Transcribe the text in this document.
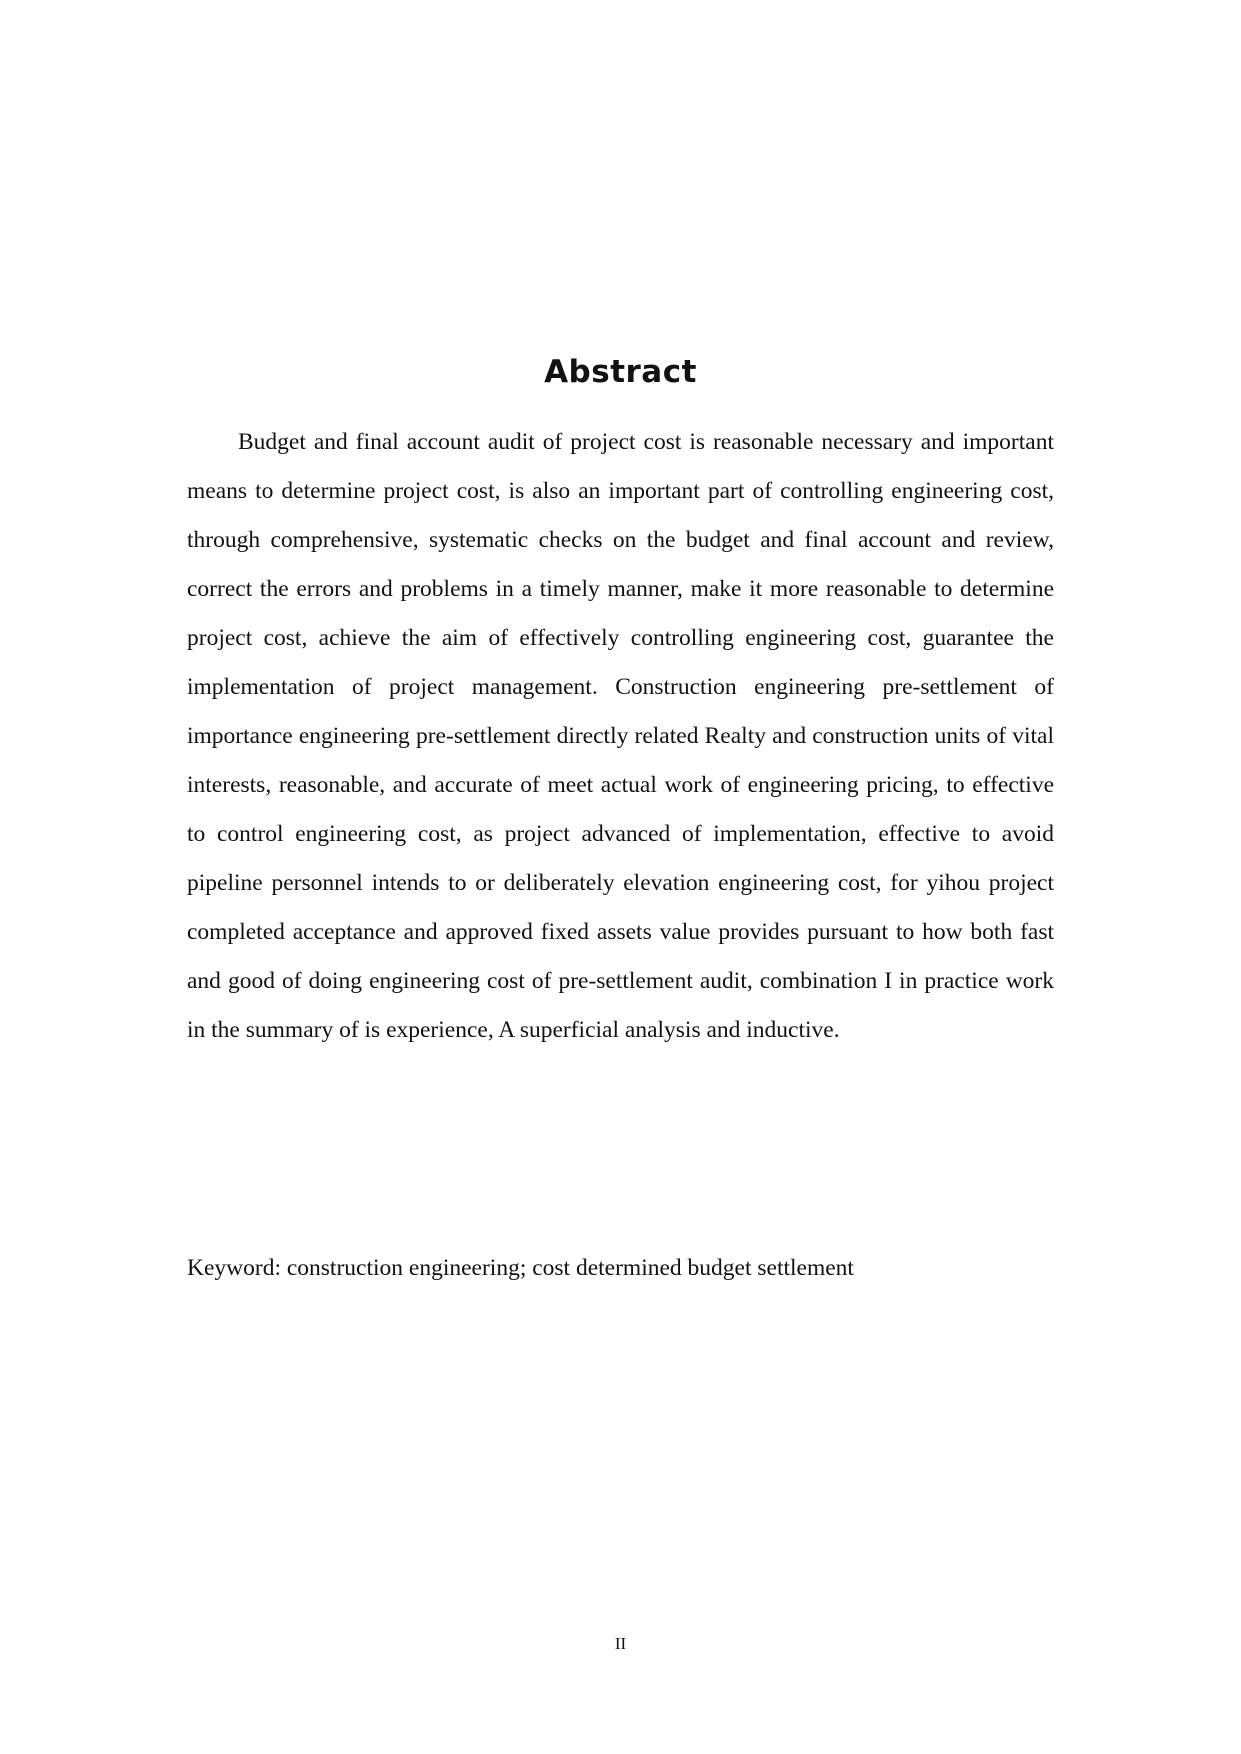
Abstract

Budget and final account audit of project cost is reasonable necessary and important means to determine project cost, is also an important part of controlling engineering cost, through comprehensive, systematic checks on the budget and final account and review, correct the errors and problems in a timely manner, make it more reasonable to determine project cost, achieve the aim of effectively controlling engineering cost, guarantee the implementation of project management. Construction engineering pre-settlement of importance engineering pre-settlement directly related Realty and construction units of vital interests, reasonable, and accurate of meet actual work of engineering pricing, to effective to control engineering cost, as project advanced of implementation, effective to avoid pipeline personnel intends to or deliberately elevation engineering cost, for yihou project completed acceptance and approved fixed assets value provides pursuant to how both fast and good of doing engineering cost of pre-settlement audit, combination I in practice work in the summary of is experience, A superficial analysis and inductive.

Keyword: construction engineering; cost determined budget settlement

II
